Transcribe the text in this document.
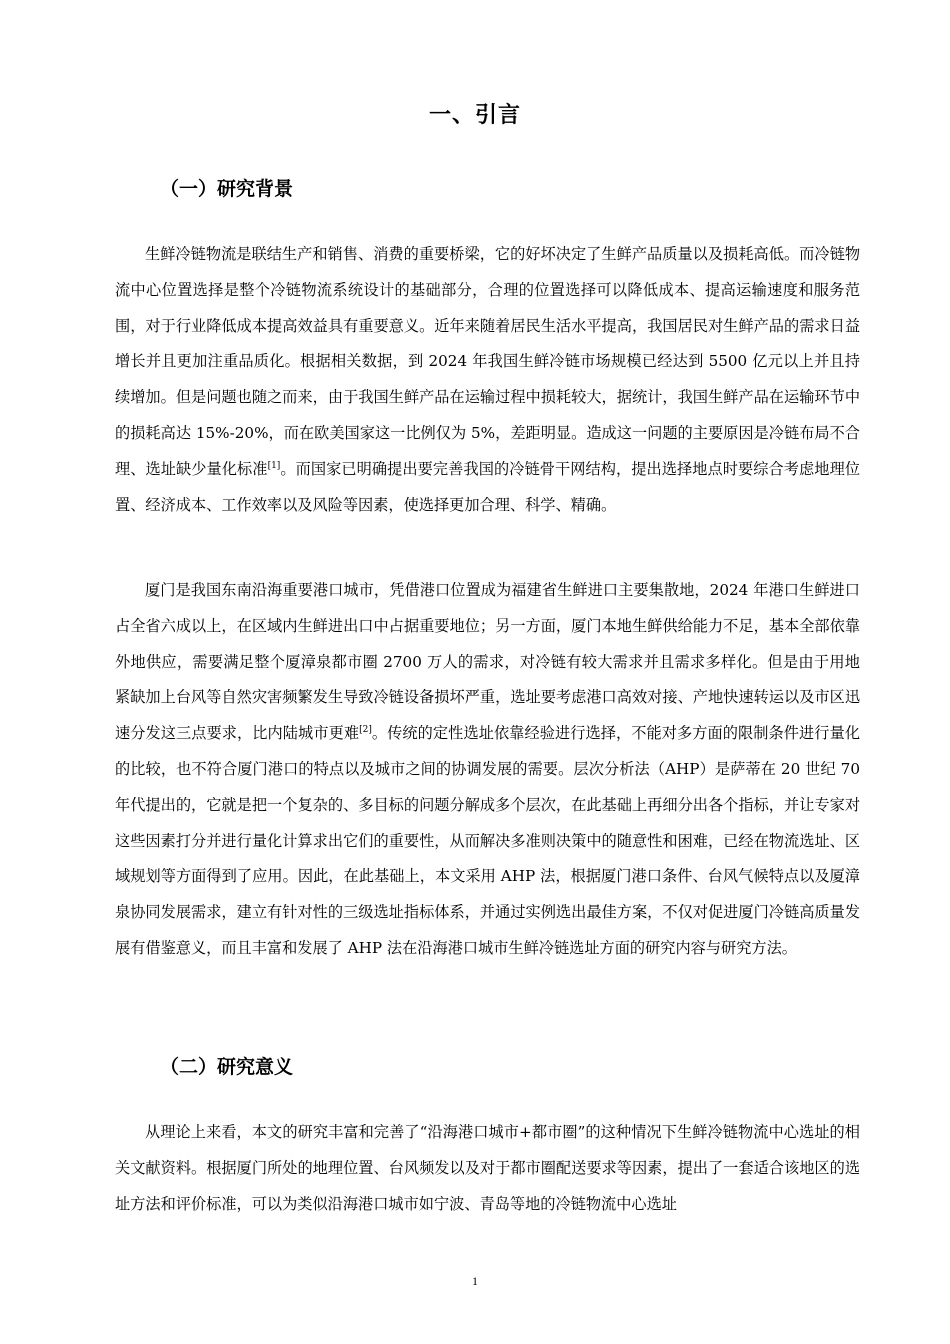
一、引言
（一）研究背景

生鲜冷链物流是联结生产和销售、消费的重要桥梁，它的好坏决定了生鲜产品质量以及损耗高低。而冷链物流中心位置选择是整个冷链物流系统设计的基础部分，合理的位置选择可以降低成本、提高运输速度和服务范围，对于行业降低成本提高效益具有重要意义。近年来随着居民生活水平提高，我国居民对生鲜产品的需求日益增长并且更加注重品质化。根据相关数据，到 2024 年我国生鲜冷链市场规模已经达到 5500 亿元以上并且持续增加。但是问题也随之而来，由于我国生鲜产品在运输过程中损耗较大，据统计，我国生鲜产品在运输环节中的损耗高达 15%-20%，而在欧美国家这一比例仅为 5%，差距明显。造成这一问题的主要原因是冷链布局不合理、选址缺少量化标准[1]。而国家已明确提出要完善我国的冷链骨干网结构，提出选择地点时要综合考虑地理位置、经济成本、工作效率以及风险等因素，使选择更加合理、科学、精确。

厦门是我国东南沿海重要港口城市，凭借港口位置成为福建省生鲜进口主要集散地，2024 年港口生鲜进口占全省六成以上，在区域内生鲜进出口中占据重要地位；另一方面，厦门本地生鲜供给能力不足，基本全部依靠外地供应，需要满足整个厦漳泉都市圈 2700 万人的需求，对冷链有较大需求并且需求多样化。但是由于用地紧缺加上台风等自然灾害频繁发生导致冷链设备损坏严重，选址要考虑港口高效对接、产地快速转运以及市区迅速分发这三点要求，比内陆城市更难[2]。传统的定性选址依靠经验进行选择，不能对多方面的限制条件进行量化的比较，也不符合厦门港口的特点以及城市之间的协调发展的需要。层次分析法（AHP）是萨蒂在 20 世纪 70 年代提出的，它就是把一个复杂的、多目标的问题分解成多个层次，在此基础上再细分出各个指标，并让专家对这些因素打分并进行量化计算求出它们的重要性，从而解决多准则决策中的随意性和困难，已经在物流选址、区域规划等方面得到了应用。因此，在此基础上，本文采用 AHP 法，根据厦门港口条件、台风气候特点以及厦漳泉协同发展需求，建立有针对性的三级选址指标体系，并通过实例选出最佳方案，不仅对促进厦门冷链高质量发展有借鉴意义，而且丰富和发展了 AHP 法在沿海港口城市生鲜冷链选址方面的研究内容与研究方法。

（二）研究意义

从理论上来看，本文的研究丰富和完善了“沿海港口城市+都市圈”的这种情况下生鲜冷链物流中心选址的相关文献资料。根据厦门所处的地理位置、台风频发以及对于都市圈配送要求等因素，提出了一套适合该地区的选址方法和评价标准，可以为类似沿海港口城市如宁波、青岛等地的冷链物流中心选址

1
